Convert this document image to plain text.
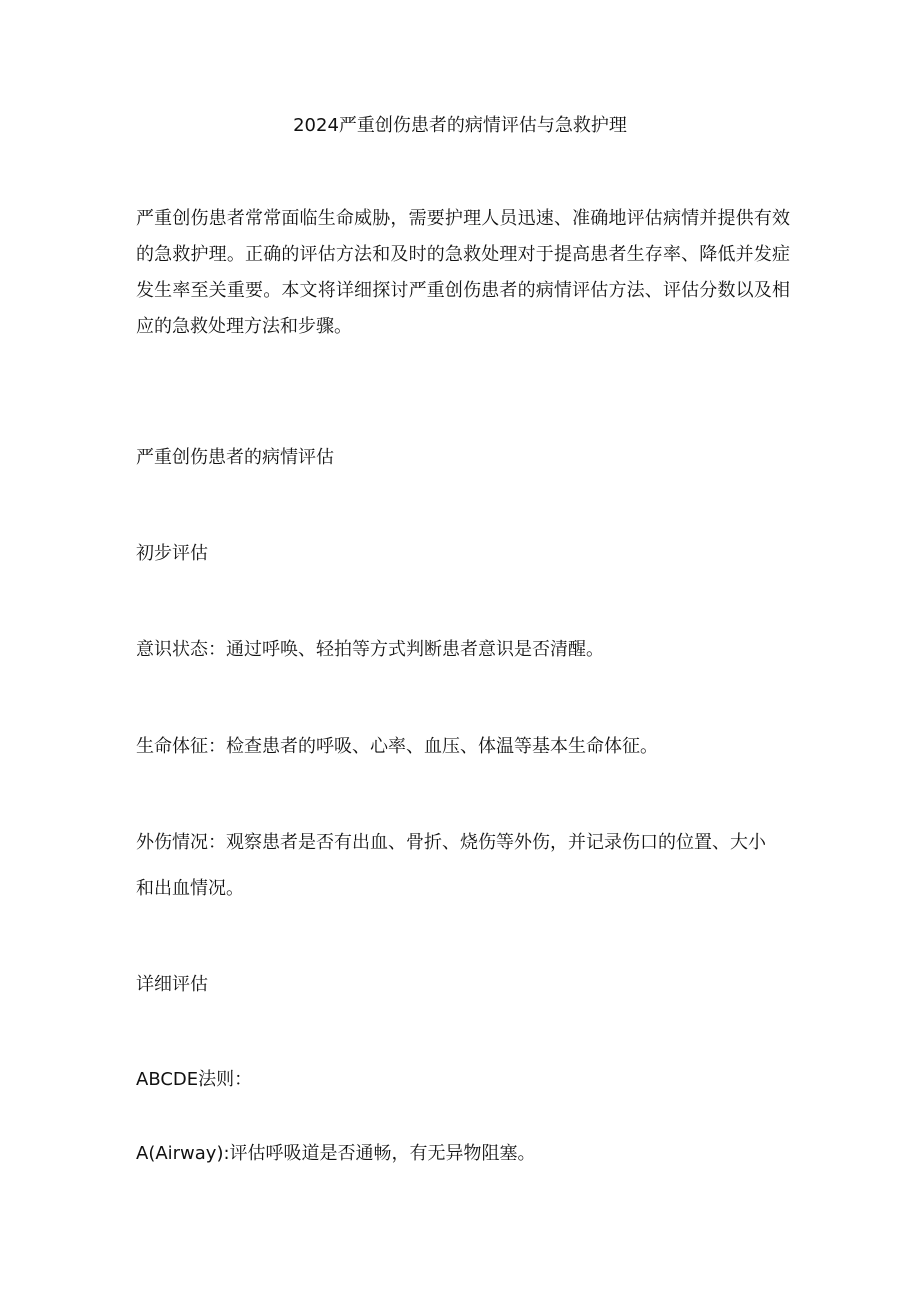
2024严重创伤患者的病情评估与急救护理

严重创伤患者常常面临生命威胁，需要护理人员迅速、准确地评估病情并提供有效的急救护理。正确的评估方法和及时的急救处理对于提高患者生存率、降低并发症发生率至关重要。本文将详细探讨严重创伤患者的病情评估方法、评估分数以及相应的急救处理方法和步骤。

严重创伤患者的病情评估
初步评估
意识状态：通过呼唤、轻拍等方式判断患者意识是否清醒。
生命体征：检查患者的呼吸、心率、血压、体温等基本生命体征。
外伤情况：观察患者是否有出血、骨折、烧伤等外伤，并记录伤口的位置、大小
和出血情况。
详细评估
ABCDE法则：
A(Airway):评估呼吸道是否通畅，有无异物阻塞。
